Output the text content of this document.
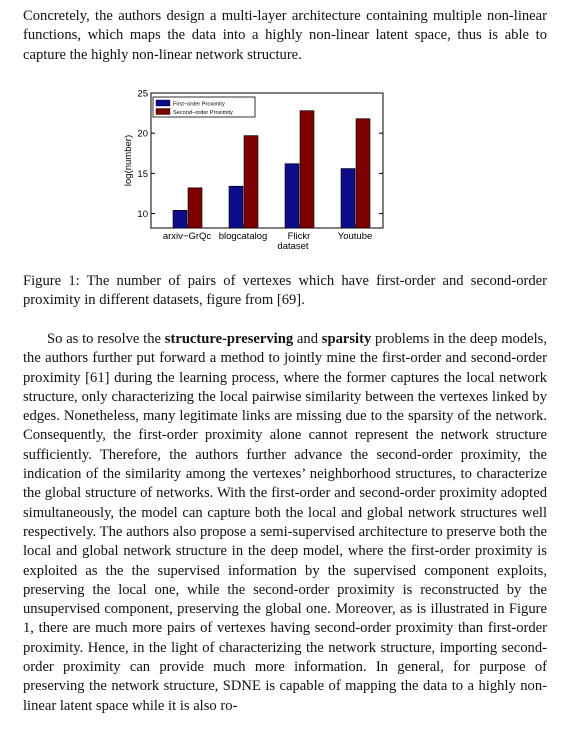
Concretely, the authors design a multi-layer architecture containing multiple non-linear functions, which maps the data into a highly non-linear latent space, thus is able to capture the highly non-linear network structure.

10
15
20
25
log(number)
arxiv−GrQc blogcatalog Flickr	Youtube
dataset
First−order Proximity
Second−order Proximity

Figure 1: The number of pairs of vertexes which have first-order and second-order proximity in different datasets, figure from [69].

So as to resolve the structure-preserving and sparsity problems in the deep models, the authors further put forward a method to jointly mine the first-order and second-order proximity [61] during the learning process, where the former captures the local network structure, only characterizing the local pairwise similarity between the vertexes linked by edges. Nonetheless, many legitimate links are missing due to the sparsity of the network. Consequently, the first-order proximity alone cannot represent the network structure sufficiently. Therefore, the authors further advance the second-order proximity, the indication of the similarity among the vertexes’ neighborhood structures, to characterize the global structure of networks. With the first-order and second-order proximity adopted simultaneously, the model can capture both the local and global network structures well respectively. The authors also propose a semi-supervised architecture to preserve both the local and global network structure in the deep model, where the first-order proximity is exploited as the the supervised information by the supervised component exploits, preserving the local one, while the second-order proximity is reconstructed by the unsupervised component, preserving the global one. Moreover, as is illustrated in Figure 1, there are much more pairs of vertexes having second-order proximity than first-order proximity. Hence, in the light of characterizing the network structure, importing second-order proximity can provide much more information. In general, for purpose of preserving the network structure, SDNE is capable of mapping the data to a highly non-linear latent space while it is also ro-
